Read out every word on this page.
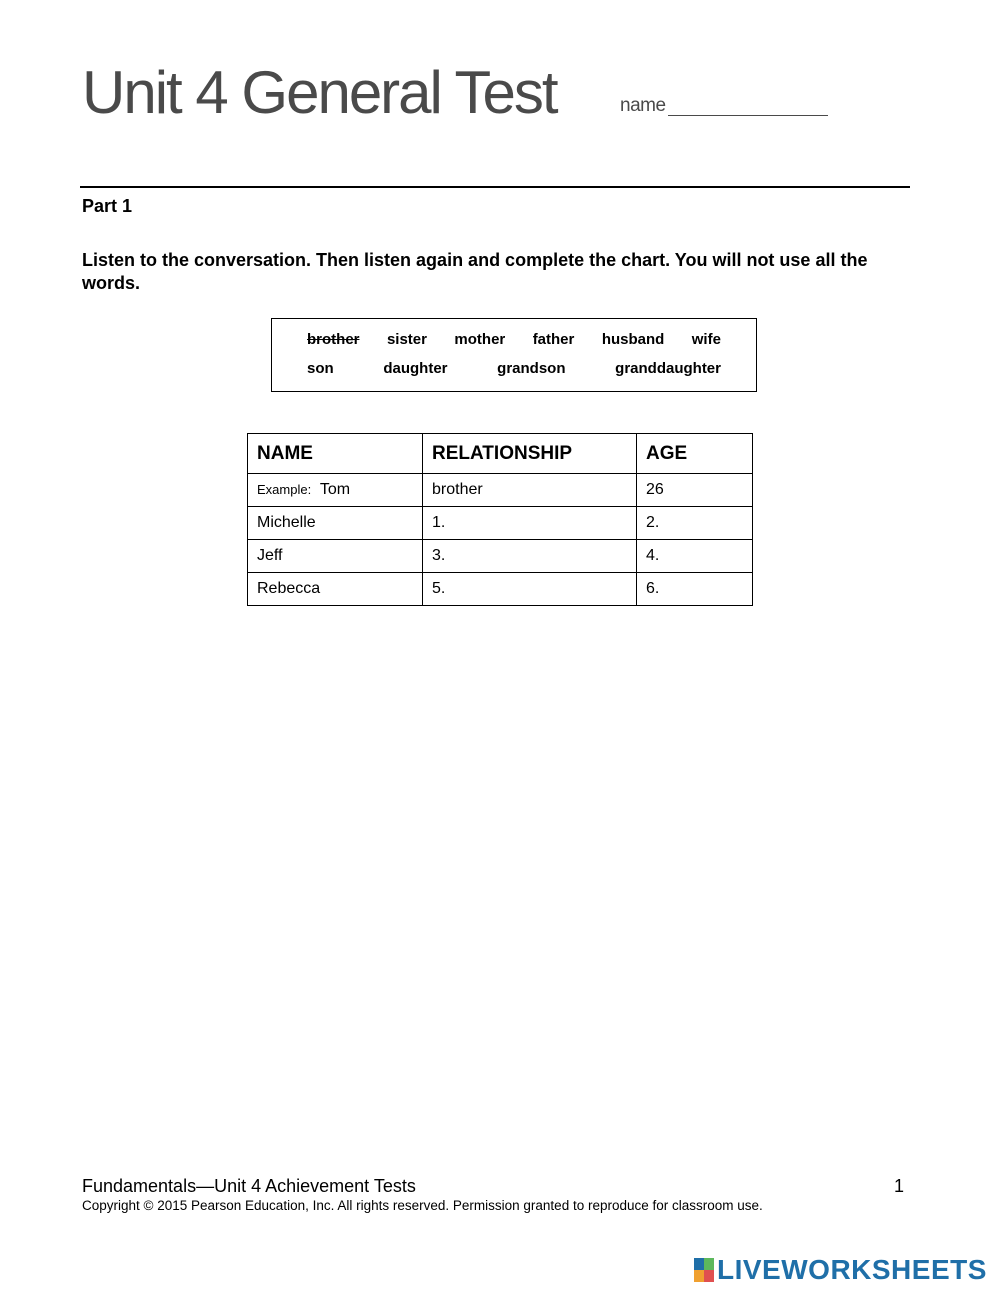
Unit 4 General Test	name
Part 1

Listen to the conversation. Then listen again and complete the chart. You will not use all the words.

brother sister mother father husband wife
son	daughter	grandson	granddaughter
NAME	RELATIONSHIP	AGE
Example: Tom	brother	26
Michelle	1.	2.
Jeff	3.	4.
Rebecca	5.	6.
Fundamentals—Unit 4 Achievement Tests	1
Copyright © 2015 Pearson Education, Inc. All rights reserved. Permission granted to reproduce for classroom use.
LIVEWORKSHEETS
